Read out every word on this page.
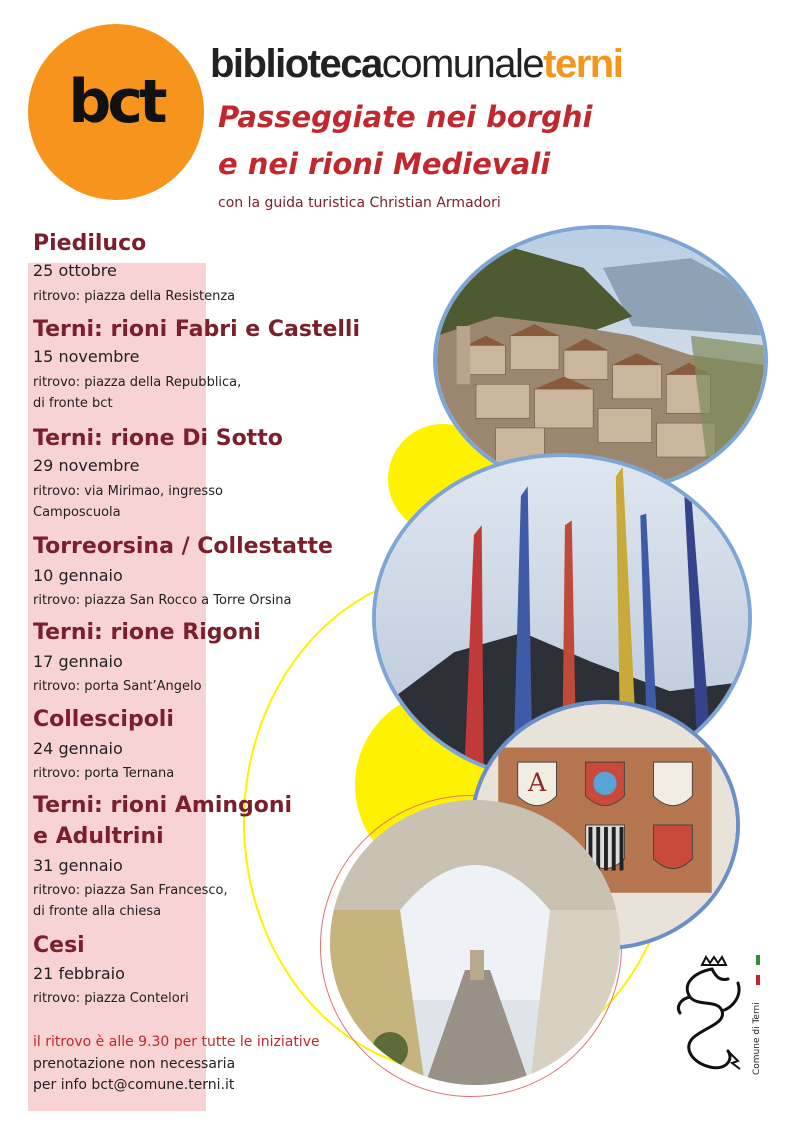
bct
bibliotecacomunaleterni
Passeggiate nei borghi
e nei rioni Medievali
con la guida turistica Christian Armadori
A
Piediluco
25 ottobre
ritrovo: piazza della Resistenza
Terni: rioni Fabri e Castelli
15 novembre
ritrovo: piazza della Repubblica,
di fronte bct
Terni: rione Di Sotto
29 novembre
ritrovo: via Mirimao, ingresso
Camposcuola
Torreorsina / Collestatte
10 gennaio
ritrovo: piazza San Rocco a Torre Orsina
Terni: rione Rigoni
17 gennaio
ritrovo: porta Sant’Angelo
Collescipoli
24 gennaio
ritrovo: porta Ternana
Terni: rioni Amingoni
e Adultrini
31 gennaio
ritrovo: piazza San Francesco,
di fronte alla chiesa
Cesi
21 febbraio
ritrovo: piazza Contelori
il ritrovo è alle 9.30 per tutte le iniziative
prenotazione non necessaria
per info bct@comune.terni.it
Comune di Terni
